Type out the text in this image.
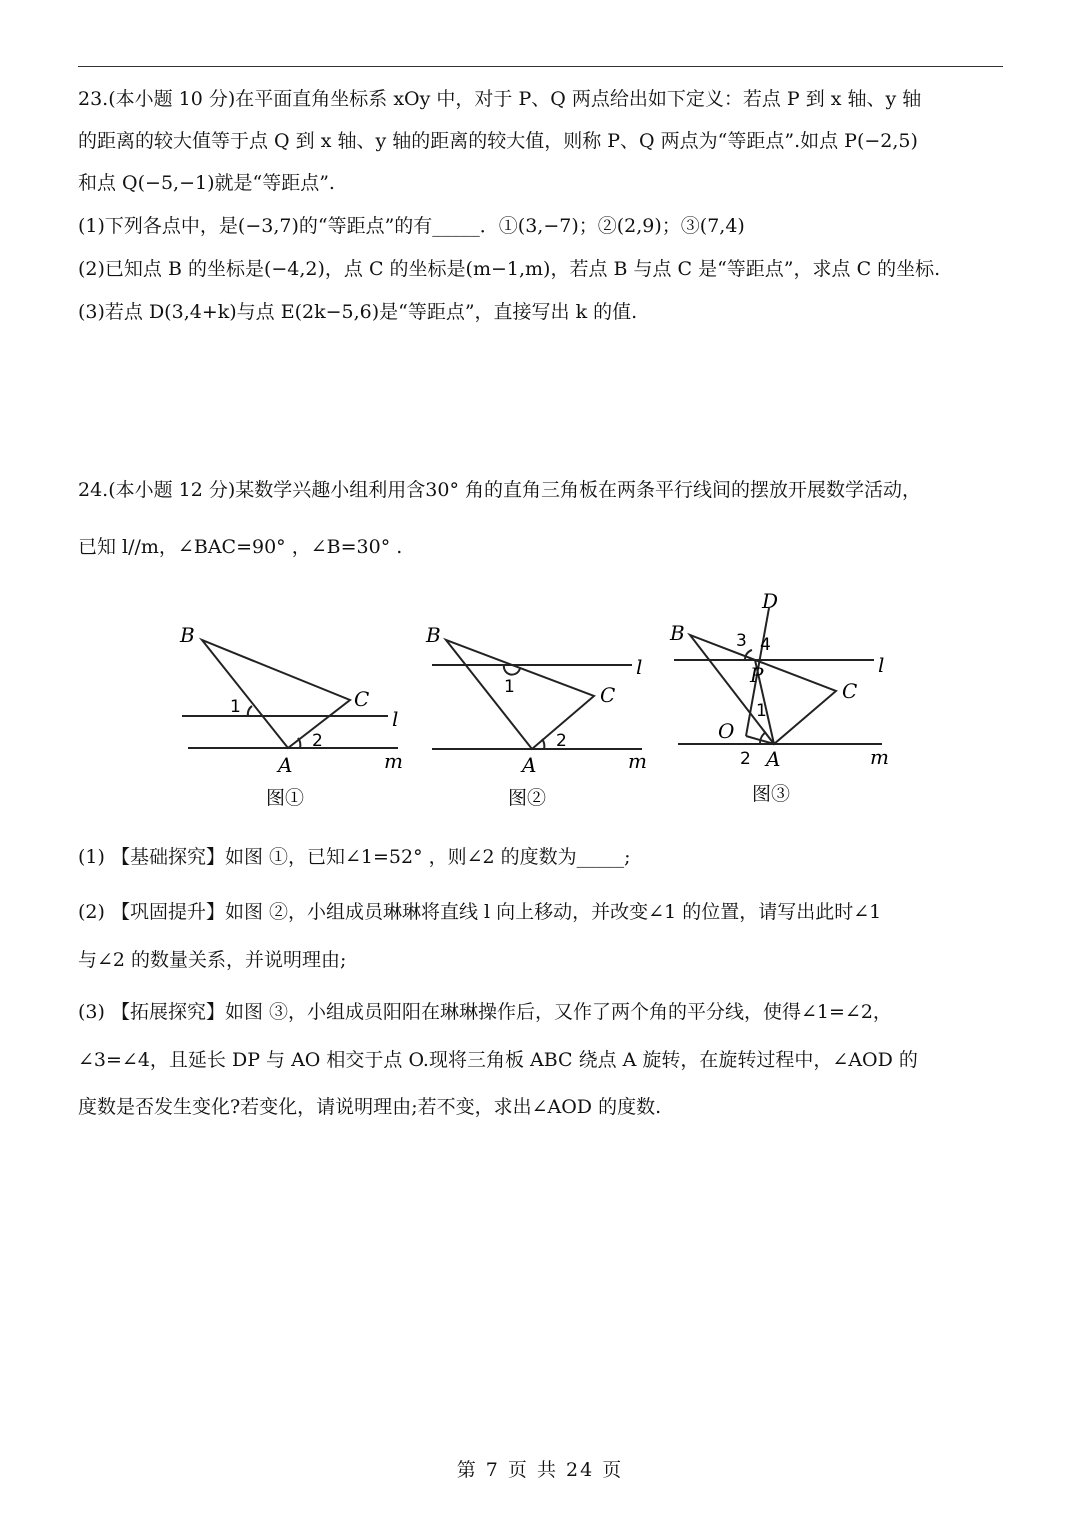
23.(本小题 10 分)在平面直角坐标系 xOy 中，对于 P、Q 两点给出如下定义：若点 P 到 x 轴、y 轴
的距离的较大值等于点 Q 到 x 轴、y 轴的距离的较大值，则称 P、Q 两点为“等距点”.如点 P(−2,5)
和点 Q(−5,−1)就是“等距点”.
(1)下列各点中，是(−3,7)的“等距点”的有_____．①(3,−7)；②(2,9)；③(7,4)
(2)已知点 B 的坐标是(−4,2)，点 C 的坐标是(m−1,m)，若点 B 与点 C 是“等距点”，求点 C 的坐标.
(3)若点 D(3,4+k)与点 E(2k−5,6)是“等距点”，直接写出 k 的值.
24.(本小题 12 分)某数学兴趣小组利用含30° 角的直角三角板在两条平行线间的摆放开展数学活动，
已知 l//m，∠BAC=90° ，∠B=30° .
B
C
A
l
m
1
2
图①
B
C
A
l
m
1
2
图②
B
D
C
P
O
A
l
m
3 4
1
2
图③
(1) 【基础探究】如图 ①，已知∠1=52° ，则∠2 的度数为_____;
(2) 【巩固提升】如图 ②，小组成员琳琳将直线 l 向上移动，并改变∠1 的位置，请写出此时∠1
与∠2 的数量关系，并说明理由;
(3) 【拓展探究】如图 ③，小组成员阳阳在琳琳操作后，又作了两个角的平分线，使得∠1=∠2，
∠3=∠4，且延长 DP 与 AO 相交于点 O.现将三角板 ABC 绕点 A 旋转，在旋转过程中，∠AOD 的
度数是否发生变化?若变化，请说明理由;若不变，求出∠AOD 的度数.
第 7 页 共 24 页
